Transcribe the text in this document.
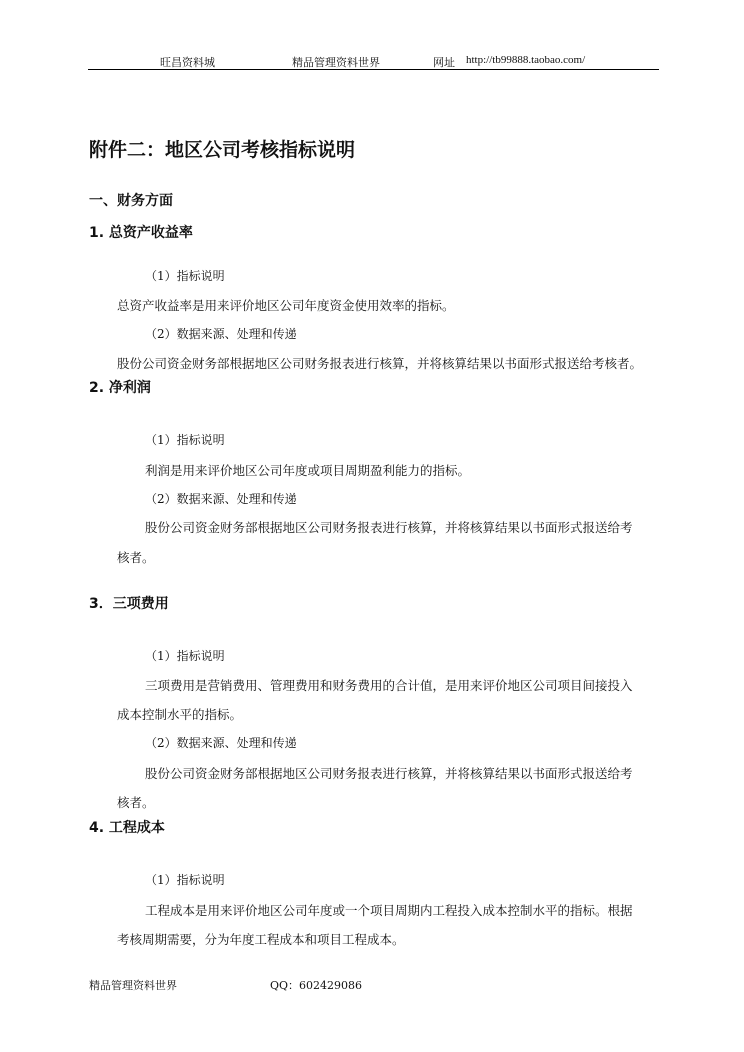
旺昌资料城	精品管理资料世界	网址 http://tb99888.taobao.com/
附件二：地区公司考核指标说明
一、财务方面
1. 总资产收益率
（1）指标说明
总资产收益率是用来评价地区公司年度资金使用效率的指标。
（2）数据来源、处理和传递
股份公司资金财务部根据地区公司财务报表进行核算，并将核算结果以书面形式报送给考核者。
2. 净利润
（1）指标说明
利润是用来评价地区公司年度或项目周期盈利能力的指标。
（2）数据来源、处理和传递
股份公司资金财务部根据地区公司财务报表进行核算，并将核算结果以书面形式报送给考
核者。
3．三项费用
（1）指标说明
三项费用是营销费用、管理费用和财务费用的合计值，是用来评价地区公司项目间接投入
成本控制水平的指标。
（2）数据来源、处理和传递
股份公司资金财务部根据地区公司财务报表进行核算，并将核算结果以书面形式报送给考
核者。
4. 工程成本
（1）指标说明
工程成本是用来评价地区公司年度或一个项目周期内工程投入成本控制水平的指标。根据
考核周期需要，分为年度工程成本和项目工程成本。
精品管理资料世界	QQ：602429086
